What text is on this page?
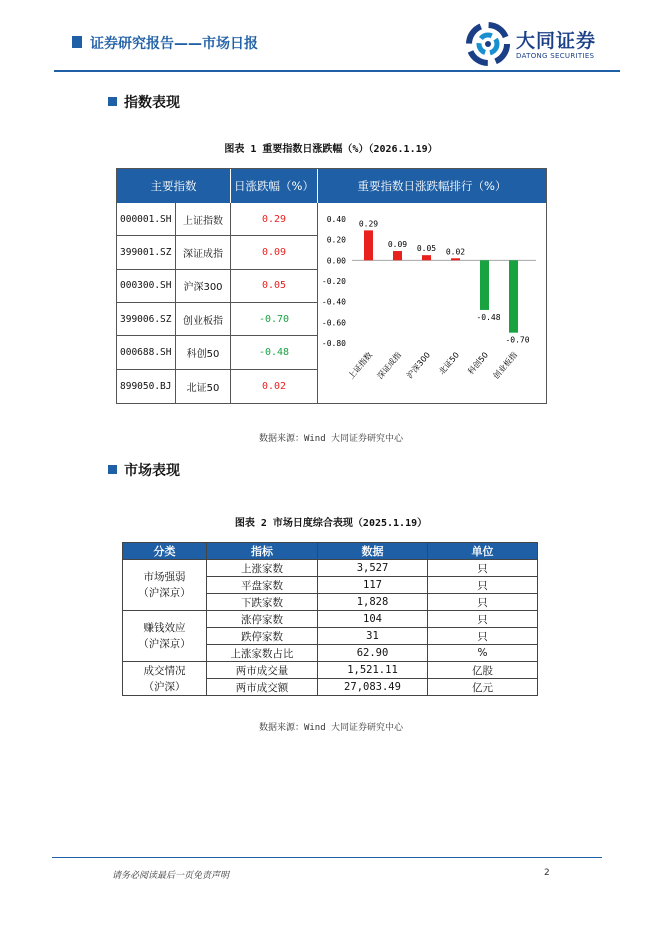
证券研究报告——市场日报	大同证券
DATONG SECURITIES
指数表现
图表 1 重要指数日涨跌幅（%）（2026.1.19）
主要指数	日涨跌幅（%）	重要指数日涨跌幅排行（%）
000001.SH	上证指数	0.29
399001.SZ	深证成指	0.09
000300.SH	沪深300	0.05
399006.SZ	创业板指	-0.70
000688.SH	科创50	-0.48
899050.BJ	北证50	0.02
0.40
0.20
0.00
-0.20
-0.40
-0.60
-0.80
0.29
上证指数
0.09
深证成指
0.05
沪深300
0.02
北证50
-0.48
科创50
-0.70
创业板指
数据来源：Wind 大同证券研究中心
市场表现
图表 2 市场日度综合表现（2025.1.19）
分类	指标	数据	单位

市场强弱
（沪深京）	上涨家数	3,527	只
	平盘家数	117	只
	下跌家数	1,828	只

赚钱效应
（沪深京）	涨停家数	104	只
	跌停家数	31	只
	上涨家数占比	62.90	%

成交情况
（沪深）	两市成交量	1,521.11	亿股
	两市成交额	27,083.49	亿元
数据来源：Wind 大同证券研究中心
请务必阅读最后一页免责声明	2
